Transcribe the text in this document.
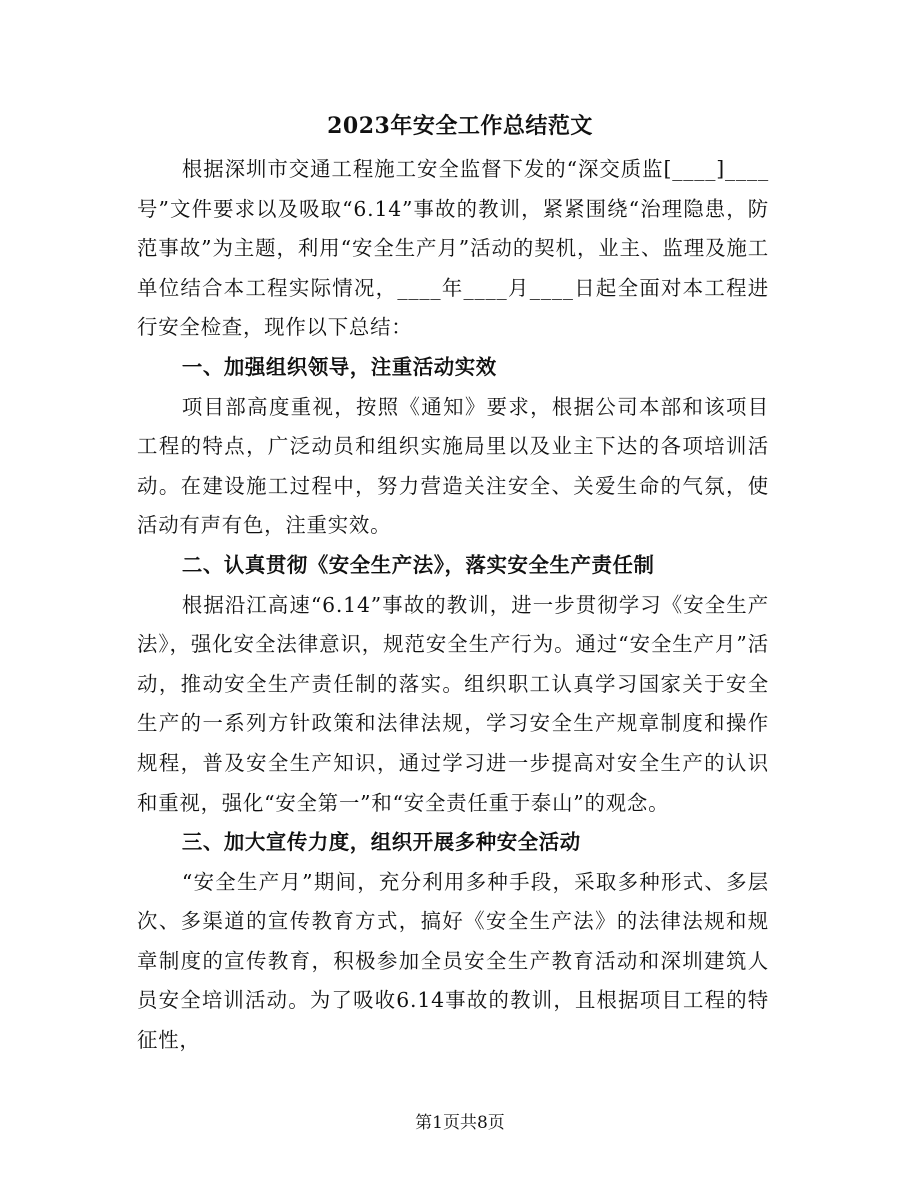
2023年安全工作总结范文

根据深圳市交通工程施工安全监督下发的“深交质监[____]____号”文件要求以及吸取“6.14”事故的教训，紧紧围绕“治理隐患，防范事故”为主题，利用“安全生产月”活动的契机，业主、监理及施工单位结合本工程实际情况，____年____月____日起全面对本工程进行安全检查，现作以下总结：

一、加强组织领导，注重活动实效

项目部高度重视，按照《通知》要求，根据公司本部和该项目工程的特点，广泛动员和组织实施局里以及业主下达的各项培训活动。在建设施工过程中，努力营造关注安全、关爱生命的气氛，使活动有声有色，注重实效。

二、认真贯彻《安全生产法》，落实安全生产责任制

根据沿江高速“6.14”事故的教训，进一步贯彻学习《安全生产法》，强化安全法律意识，规范安全生产行为。通过“安全生产月”活动，推动安全生产责任制的落实。组织职工认真学习国家关于安全生产的一系列方针政策和法律法规，学习安全生产规章制度和操作规程，普及安全生产知识，通过学习进一步提高对安全生产的认识和重视，强化“安全第一”和“安全责任重于泰山”的观念。

三、加大宣传力度，组织开展多种安全活动

“安全生产月”期间，充分利用多种手段，采取多种形式、多层次、多渠道的宣传教育方式，搞好《安全生产法》的法律法规和规章制度的宣传教育，积极参加全员安全生产教育活动和深圳建筑人员安全培训活动。为了吸收6.14事故的教训，且根据项目工程的特征性，

第1页共8页
